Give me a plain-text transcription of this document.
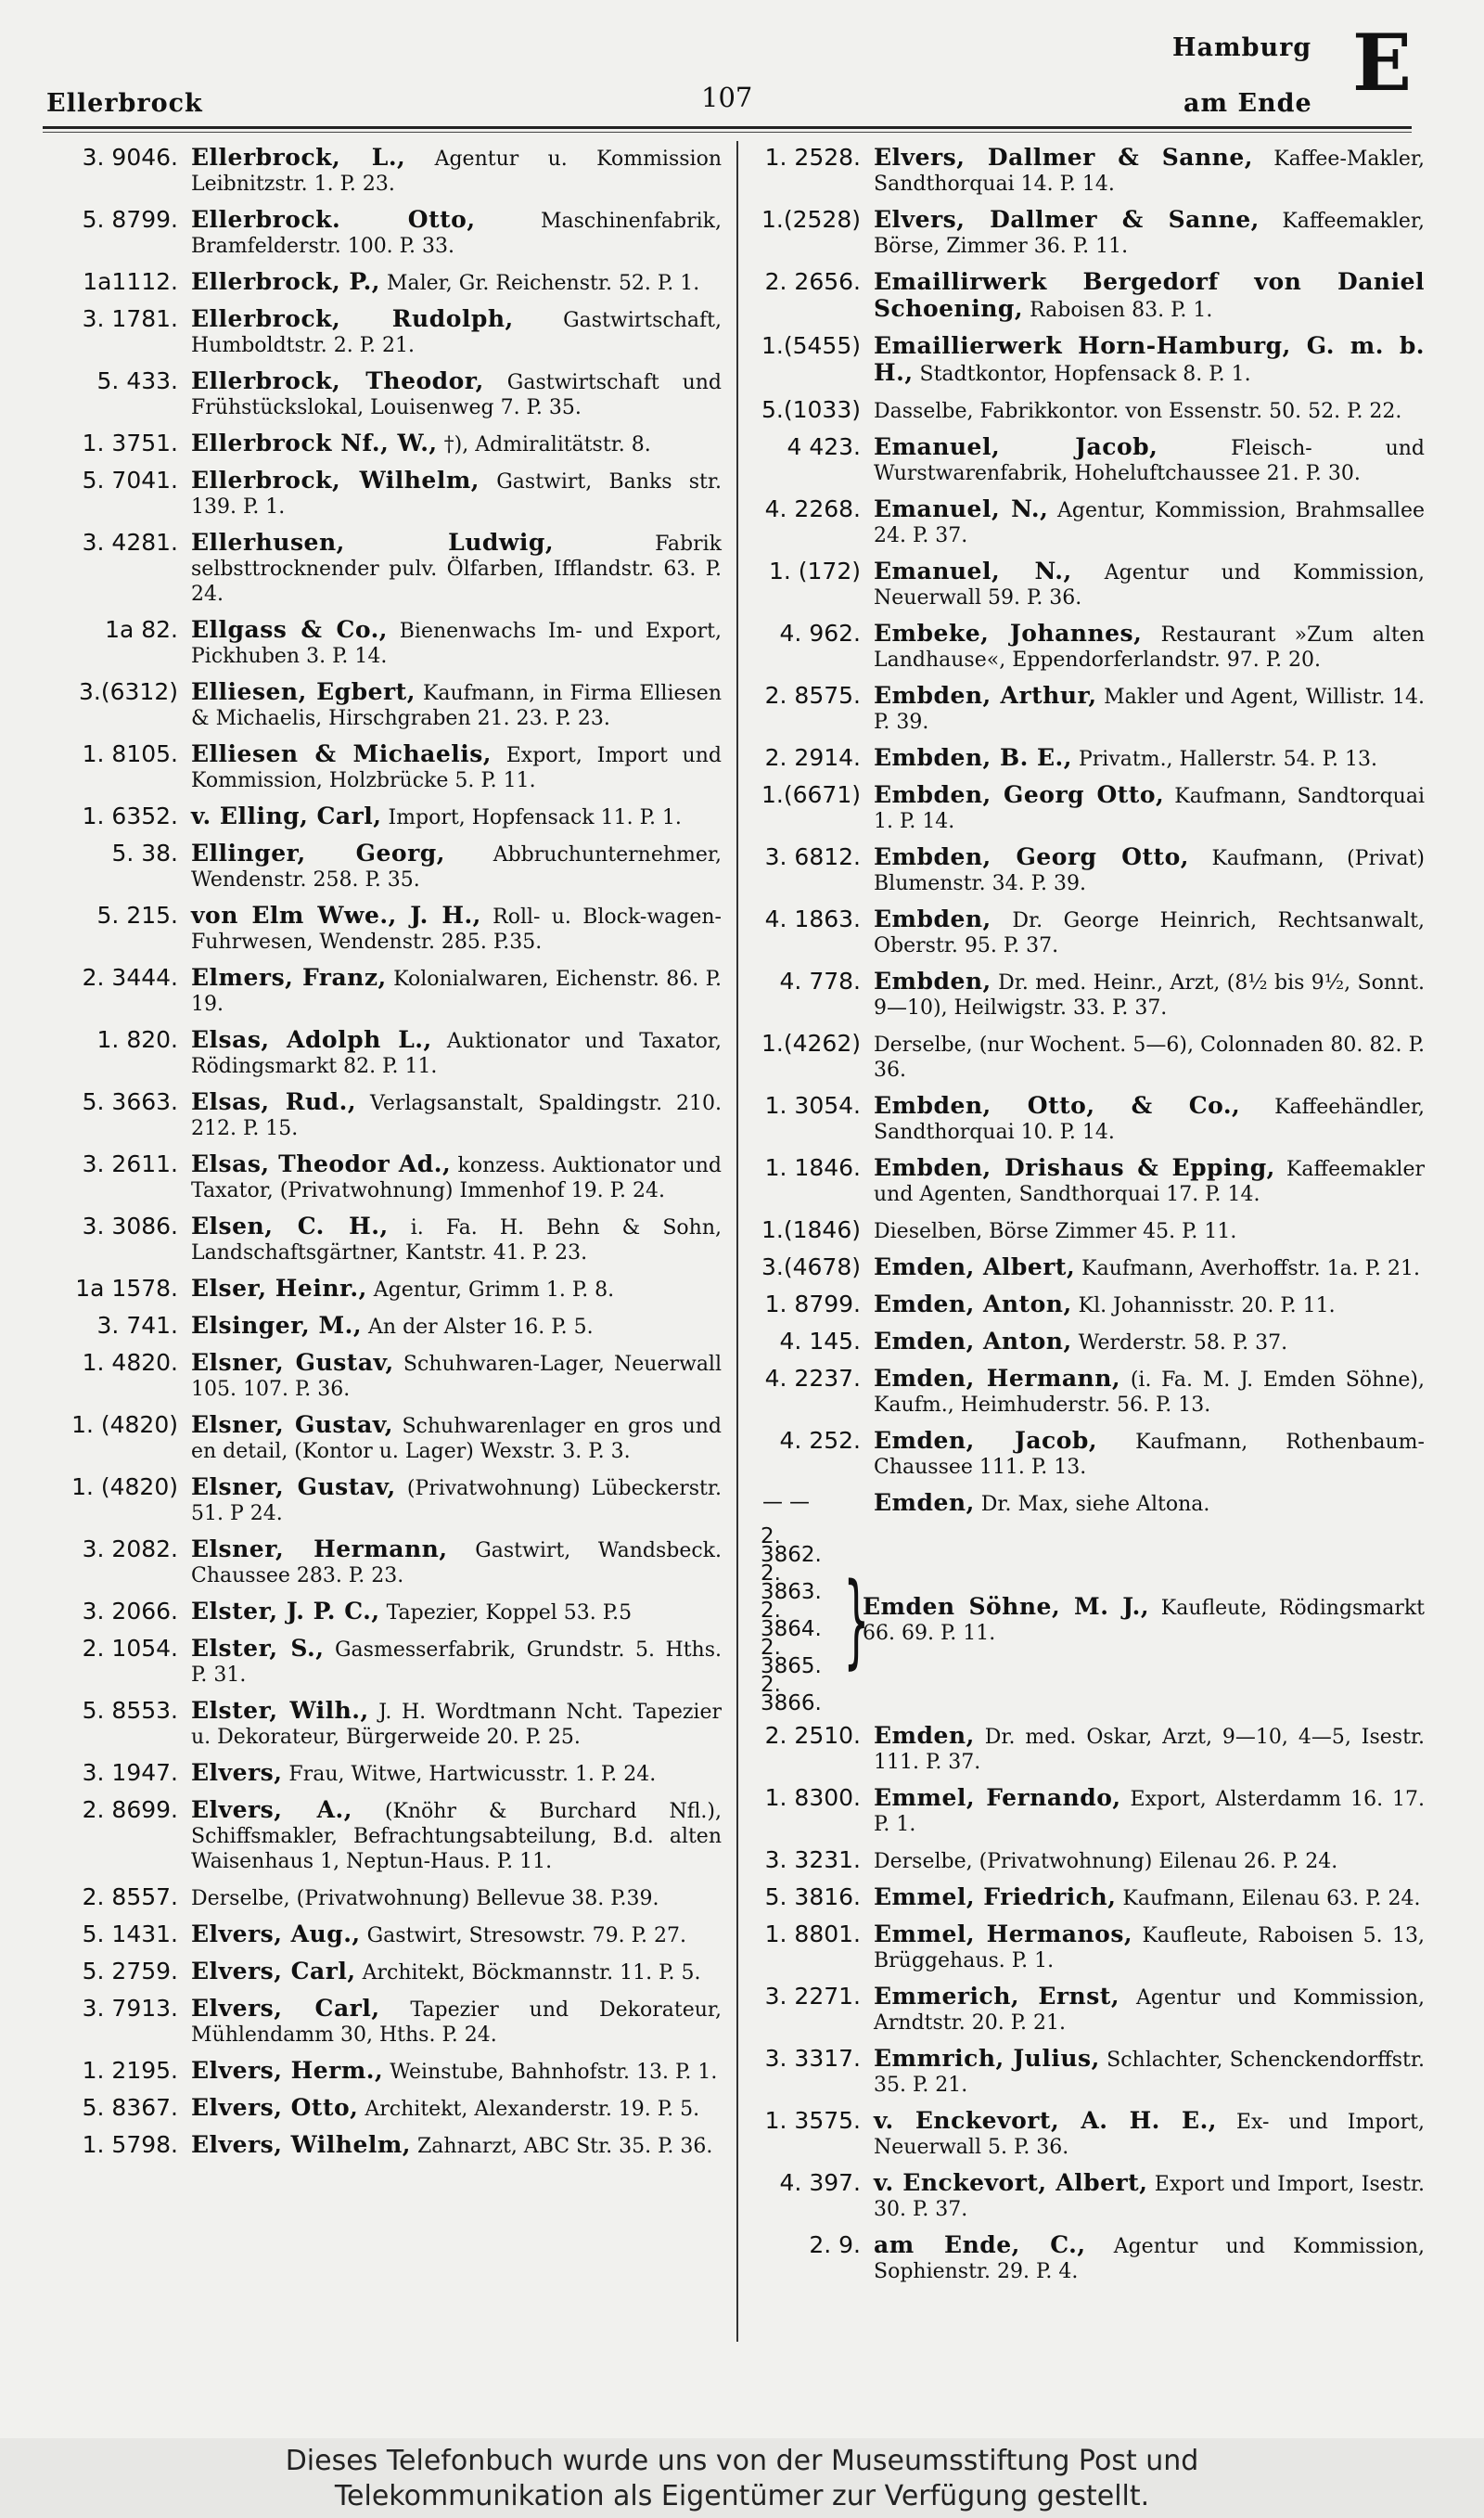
Ellerbrock	107
Hamburg
am Ende E
3. 9046. Ellerbrock, L., Agentur u. Kommission Leibnitzstr. 1. P. 23.
5. 8799. Ellerbrock. Otto, Maschinenfabrik, Bramfelderstr. 100. P. 33.
1a1112. Ellerbrock, P., Maler, Gr. Reichenstr. 52. P. 1.
3. 1781. Ellerbrock, Rudolph, Gastwirtschaft, Humboldtstr. 2. P. 21.
5. 433. Ellerbrock, Theodor, Gastwirtschaft und Frühstückslokal, Louisenweg 7. P. 35.
1. 3751. Ellerbrock Nf., W., †), Admiralitätstr. 8.
5. 7041. Ellerbrock, Wilhelm, Gastwirt, Banks str. 139. P. 1.
3. 4281. Ellerhusen, Ludwig, Fabrik selbsttrocknender pulv. Ölfarben, Ifflandstr. 63. P. 24.
1a 82. Ellgass & Co., Bienenwachs Im- und Export, Pickhuben 3. P. 14.
3.(6312) Elliesen, Egbert, Kaufmann, in Firma Elliesen & Michaelis, Hirschgraben 21. 23. P. 23.
1. 8105. Elliesen & Michaelis, Export, Import und Kommission, Holzbrücke 5. P. 11.
1. 6352. v. Elling, Carl, Import, Hopfensack 11. P. 1.
5. 38. Ellinger, Georg, Abbruchunternehmer, Wendenstr. 258. P. 35.
5. 215. von Elm Wwe., J. H., Roll- u. Block-wagen-Fuhrwesen, Wendenstr. 285. P.35.
2. 3444. Elmers, Franz, Kolonialwaren, Eichenstr. 86. P. 19.
1. 820. Elsas, Adolph L., Auktionator und Taxator, Rödingsmarkt 82. P. 11.
5. 3663. Elsas, Rud., Verlagsanstalt, Spaldingstr. 210. 212. P. 15.
3. 2611. Elsas, Theodor Ad., konzess. Auktionator und Taxator, (Privatwohnung) Immenhof 19. P. 24.
3. 3086. Elsen, C. H., i. Fa. H. Behn & Sohn, Landschaftsgärtner, Kantstr. 41. P. 23.
1a 1578. Elser, Heinr., Agentur, Grimm 1. P. 8.
3. 741. Elsinger, M., An der Alster 16. P. 5.
1. 4820. Elsner, Gustav, Schuhwaren-Lager, Neuerwall 105. 107. P. 36.
1. (4820) Elsner, Gustav, Schuhwarenlager en gros und en detail, (Kontor u. Lager) Wexstr. 3. P. 3.
1. (4820) Elsner, Gustav, (Privatwohnung) Lübeckerstr. 51. P 24.
3. 2082. Elsner, Hermann, Gastwirt, Wandsbeck. Chaussee 283. P. 23.
3. 2066. Elster, J. P. C., Tapezier, Koppel 53. P.5
2. 1054. Elster, S., Gasmesserfabrik, Grundstr. 5. Hths. P. 31.
5. 8553. Elster, Wilh., J. H. Wordtmann Ncht. Tapezier u. Dekorateur, Bürgerweide 20. P. 25.
3. 1947. Elvers, Frau, Witwe, Hartwicusstr. 1. P. 24.
2. 8699. Elvers, A., (Knöhr & Burchard Nfl.), Schiffsmakler, Befrachtungsabteilung, B.d. alten Waisenhaus 1, Neptun-Haus. P. 11.
2. 8557. Derselbe, (Privatwohnung) Bellevue 38. P.39.
5. 1431. Elvers, Aug., Gastwirt, Stresowstr. 79. P. 27.
5. 2759. Elvers, Carl, Architekt, Böckmannstr. 11. P. 5.
3. 7913. Elvers, Carl, Tapezier und Dekorateur, Mühlendamm 30, Hths. P. 24.
1. 2195. Elvers, Herm., Weinstube, Bahnhofstr. 13. P. 1.
5. 8367. Elvers, Otto, Architekt, Alexanderstr. 19. P. 5.
1. 5798. Elvers, Wilhelm, Zahnarzt, ABC Str. 35. P. 36.
1. 2528. Elvers, Dallmer & Sanne, Kaffee-Makler, Sandthorquai 14. P. 14.
1.(2528) Elvers, Dallmer & Sanne, Kaffeemakler, Börse, Zimmer 36. P. 11.
2. 2656. Emaillirwerk Bergedorf von Daniel Schoening, Raboisen 83. P. 1.
1.(5455) Emaillierwerk Horn-Hamburg, G. m. b. H., Stadtkontor, Hopfensack 8. P. 1.
5.(1033) Dasselbe, Fabrikkontor. von Essenstr. 50. 52. P. 22.
4 423. Emanuel, Jacob, Fleisch- und Wurstwarenfabrik, Hoheluftchaussee 21. P. 30.
4. 2268. Emanuel, N., Agentur, Kommission, Brahmsallee 24. P. 37.
1. (172) Emanuel, N., Agentur und Kommission, Neuerwall 59. P. 36.
4. 962. Embeke, Johannes, Restaurant »Zum alten Landhause«, Eppendorferlandstr. 97. P. 20.
2. 8575. Embden, Arthur, Makler und Agent, Willistr. 14. P. 39.
2. 2914. Embden, B. E., Privatm., Hallerstr. 54. P. 13.
1.(6671) Embden, Georg Otto, Kaufmann, Sandtorquai 1. P. 14.
3. 6812. Embden, Georg Otto, Kaufmann, (Privat) Blumenstr. 34. P. 39.
4. 1863. Embden, Dr. George Heinrich, Rechtsanwalt, Oberstr. 95. P. 37.
4. 778. Embden, Dr. med. Heinr., Arzt, (8½ bis 9½, Sonnt. 9—10), Heilwigstr. 33. P. 37.
1.(4262) Derselbe, (nur Wochent. 5—6), Colonnaden 80. 82. P. 36.
1. 3054. Embden, Otto, & Co., Kaffeehändler, Sandthorquai 10. P. 14.
1. 1846. Embden, Drishaus & Epping, Kaffeemakler und Agenten, Sandthorquai 17. P. 14.
1.(1846) Dieselben, Börse Zimmer 45. P. 11.
3.(4678) Emden, Albert, Kaufmann, Averhoffstr. 1a. P. 21.
1. 8799. Emden, Anton, Kl. Johannisstr. 20. P. 11.
4. 145. Emden, Anton, Werderstr. 58. P. 37.
4. 2237. Emden, Hermann, (i. Fa. M. J. Emden Söhne), Kaufm., Heimhuderstr. 56. P. 13.
4. 252. Emden, Jacob, Kaufmann, Rothenbaum-Chaussee 111. P. 13.
— —	Emden, Dr. Max, siehe Altona.
2. 3862.
2. 3863.
2. 3864.
2. 3865.
2. 3866.
}
Emden Söhne, M. J., Kaufleute, Rödingsmarkt 66. 69. P. 11.
2. 2510. Emden, Dr. med. Oskar, Arzt, 9—10, 4—5, Isestr. 111. P. 37.
1. 8300. Emmel, Fernando, Export, Alsterdamm 16. 17. P. 1.
3. 3231. Derselbe, (Privatwohnung) Eilenau 26. P. 24.
5. 3816. Emmel, Friedrich, Kaufmann, Eilenau 63. P. 24.
1. 8801. Emmel, Hermanos, Kaufleute, Raboisen 5. 13, Brüggehaus. P. 1.
3. 2271. Emmerich, Ernst, Agentur und Kommission, Arndtstr. 20. P. 21.
3. 3317. Emmrich, Julius, Schlachter, Schenckendorffstr. 35. P. 21.
1. 3575. v. Enckevort, A. H. E., Ex- und Import, Neuerwall 5. P. 36.
4. 397. v. Enckevort, Albert, Export und Import, Isestr. 30. P. 37.
2. 9. am Ende, C., Agentur und Kommission, Sophienstr. 29. P. 4.
Dieses Telefonbuch wurde uns von der Museumsstiftung Post und
Telekommunikation als Eigentümer zur Verfügung gestellt.
